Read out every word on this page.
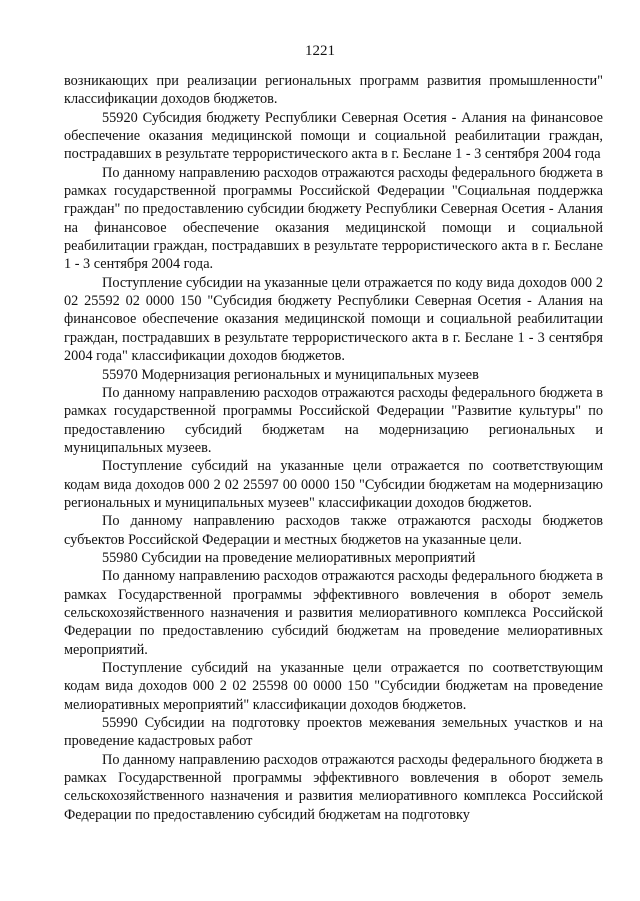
1221

возникающих при реализации региональных программ развития промышленности" классификации доходов бюджетов.

55920 Субсидия бюджету Республики Северная Осетия - Алания на финансовое обеспечение оказания медицинской помощи и социальной реабилитации граждан, пострадавших в результате террористического акта в г. Беслане 1 - 3 сентября 2004 года

По данному направлению расходов отражаются расходы федерального бюджета в рамках государственной программы Российской Федерации "Социальная поддержка граждан" по предоставлению субсидии бюджету Республики Северная Осетия - Алания на финансовое обеспечение оказания медицинской помощи и социальной реабилитации граждан, пострадавших в результате террористического акта в г. Беслане 1 - 3 сентября 2004 года.

Поступление субсидии на указанные цели отражается по коду вида доходов 000 2 02 25592 02 0000 150 "Субсидия бюджету Республики Северная Осетия - Алания на финансовое обеспечение оказания медицинской помощи и социальной реабилитации граждан, пострадавших в результате террористического акта в г. Беслане 1 - 3 сентября 2004 года" классификации доходов бюджетов.

55970 Модернизация региональных и муниципальных музеев

По данному направлению расходов отражаются расходы федерального бюджета в рамках государственной программы Российской Федерации "Развитие культуры" по предоставлению субсидий бюджетам на модернизацию региональных и муниципальных музеев.

Поступление субсидий на указанные цели отражается по соответствующим кодам вида доходов 000 2 02 25597 00 0000 150 "Субсидии бюджетам на модернизацию региональных и муниципальных музеев" классификации доходов бюджетов.

По данному направлению расходов также отражаются расходы бюджетов субъектов Российской Федерации и местных бюджетов на указанные цели.

55980 Субсидии на проведение мелиоративных мероприятий

По данному направлению расходов отражаются расходы федерального бюджета в рамках Государственной программы эффективного вовлечения в оборот земель сельскохозяйственного назначения и развития мелиоративного комплекса Российской Федерации по предоставлению субсидий бюджетам на проведение мелиоративных мероприятий.

Поступление субсидий на указанные цели отражается по соответствующим кодам вида доходов 000 2 02 25598 00 0000 150 "Субсидии бюджетам на проведение мелиоративных мероприятий" классификации доходов бюджетов.

55990 Субсидии на подготовку проектов межевания земельных участков и на проведение кадастровых работ

По данному направлению расходов отражаются расходы федерального бюджета в рамках Государственной программы эффективного вовлечения в оборот земель сельскохозяйственного назначения и развития мелиоративного комплекса Российской Федерации по предоставлению субсидий бюджетам на подготовку
